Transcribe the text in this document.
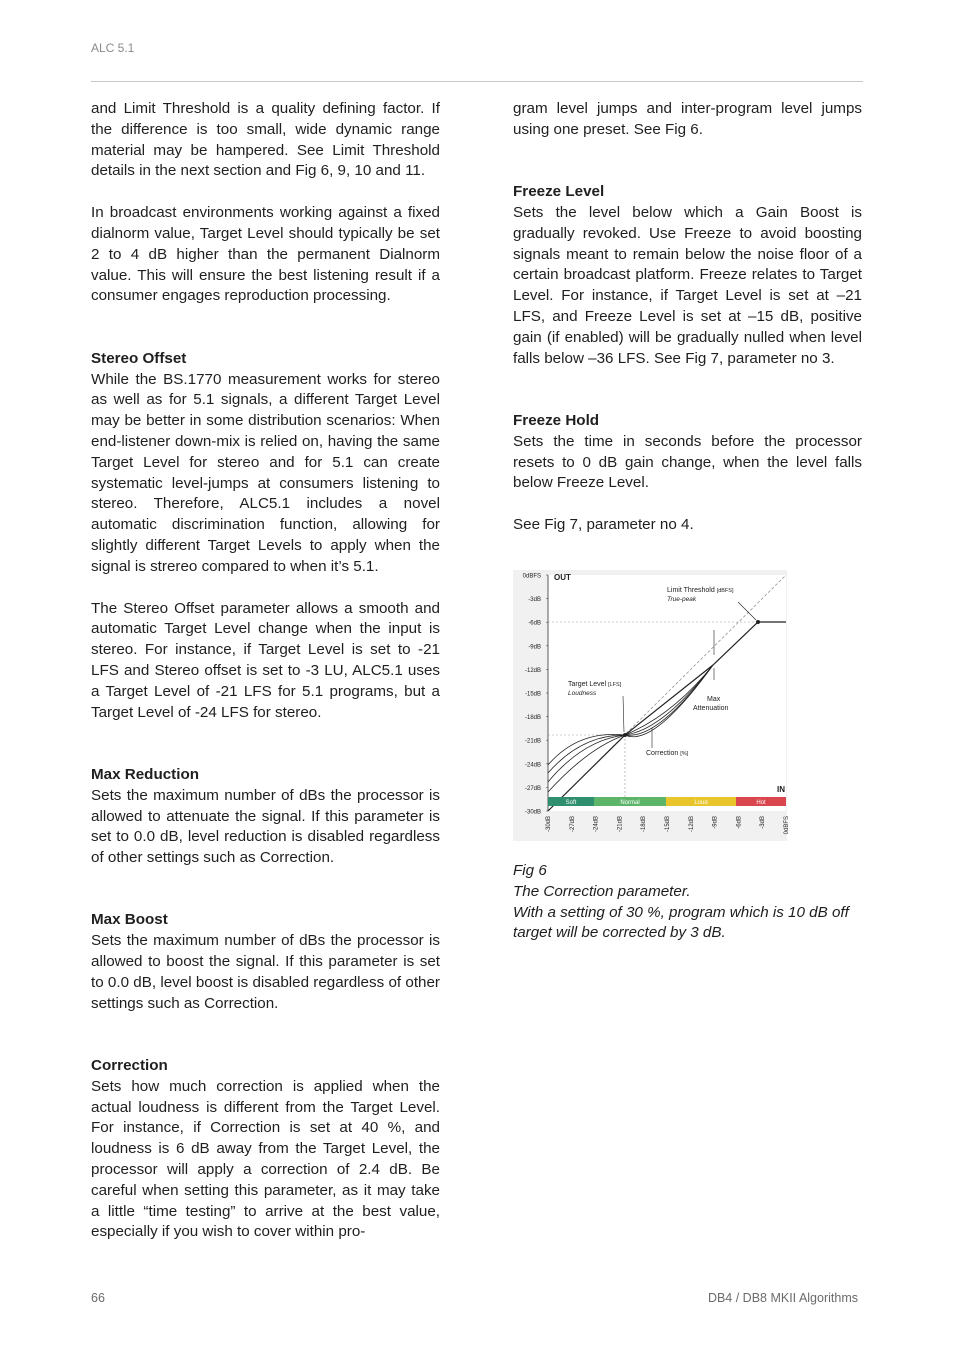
ALC 5.1

and Limit Threshold is a quality defining factor. If the difference is too small, wide dynamic range material may be hampered. See Limit Threshold details in the next section and Fig 6, 9, 10 and 11.

In broadcast environments working against a fixed dialnorm value, Target Level should typically be set 2 to 4 dB higher than the permanent Dialnorm value. This will ensure the best listening result if a consumer engages reproduction processing.

Stereo Offset

While the BS.1770 measurement works for stereo as well as for 5.1 signals, a different Target Level may be better in some distribution scenarios: When end-listener down-mix is relied on, having the same Target Level for stereo and for 5.1 can create systematic level-jumps at consumers listening to stereo. Therefore, ALC5.1 includes a novel automatic discrimination function, allowing for slightly different Target Levels to apply when the signal is strereo compared to when it’s 5.1.

The Stereo Offset parameter allows a smooth and automatic Target Level change when the input is stereo. For instance, if Target Level is set to -21 LFS and Stereo offset is set to -3 LU, ALC5.1 uses a Target Level of -21 LFS for 5.1 programs, but a Target Level of -24 LFS for stereo.

Max Reduction

Sets the maximum number of dBs the processor is allowed to attenuate the signal. If this parameter is set to 0.0 dB, level reduction is disabled regardless of other settings such as Correction.

Max Boost

Sets the maximum number of dBs the processor is allowed to boost the signal. If this parameter is set to 0.0 dB, level boost is disabled regardless of other settings such as Correction.

Correction

Sets how much correction is applied when the actual loudness is different from the Target Level. For instance, if Correction is set at 40 %, and loudness is 6 dB away from the Target Level, the processor will apply a correction of 2.4 dB. Be careful when setting this parameter, as it may take a little “time testing” to arrive at the best value, especially if you wish to cover within pro-

gram level jumps and inter-program level jumps using one preset. See Fig 6.

Freeze Level

Sets the level below which a Gain Boost is gradually revoked. Use Freeze to avoid boosting signals meant to remain below the noise floor of a certain broadcast platform. Freeze relates to Target Level. For instance, if Target Level is set at –21 LFS, and Freeze Level is set at –15 dB, positive gain (if enabled) will be gradually nulled when level falls below –36 LFS. See Fig 7, parameter no 3.

Freeze Hold

Sets the time in seconds before the processor resets to 0 dB gain change, when the level falls below Freeze Level.

See Fig 7, parameter no 4.

0dBFS
-3dB
-6dB
-9dB
-12dB
-15dB
-18dB
-21dB
-24dB
-27dB
-30dB
-30dB	-27dB	-24dB	-21dB	-18dB	-15dB	-12dB	-9dB	-6dB	-3dB	0dBFS
OUT
IN
Limit Threshold [dBFS]
True-peak
Target Level [LFS]
Loudness
Max
Attenuation
Correction [%]
Soft	Normal	Loud	Hot
Fig 6
The Correction parameter.
With a setting of 30 %, program which is 10 dB off target will be corrected by 3 dB.
66	DB4 / DB8 MKII Algorithms
